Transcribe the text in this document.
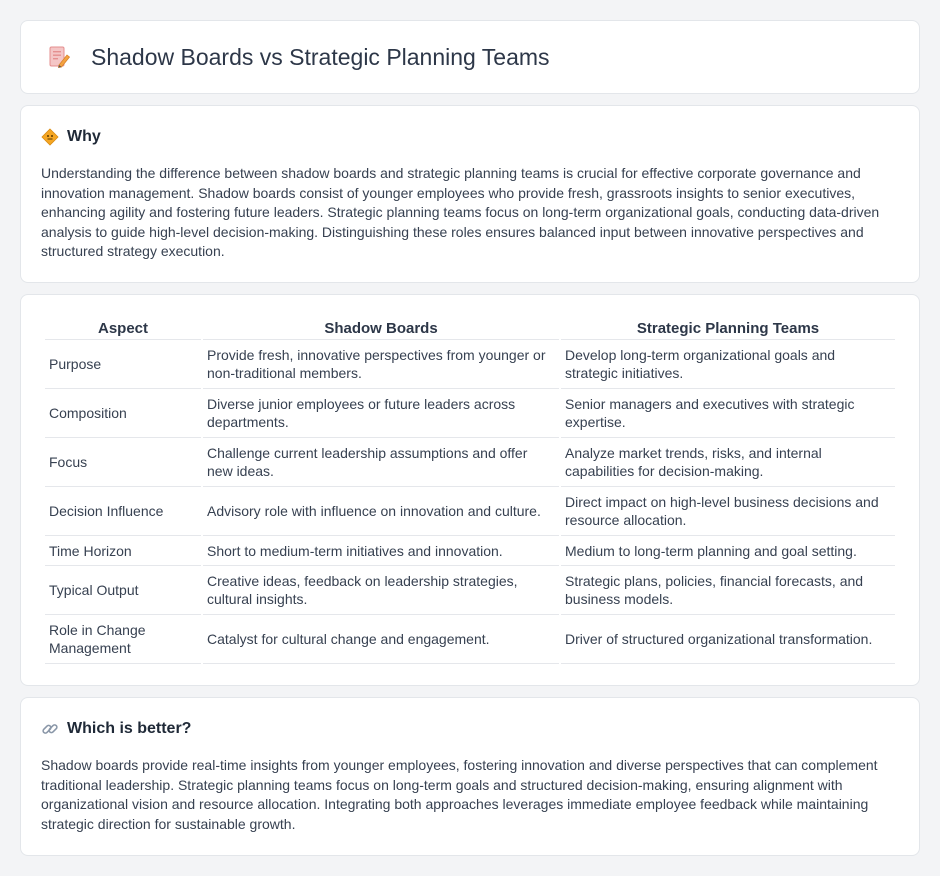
Shadow Boards vs Strategic Planning Teams
Why

Understanding the difference between shadow boards and strategic planning teams is crucial for effective corporate governance and innovation management. Shadow boards consist of younger employees who provide fresh, grassroots insights to senior executives, enhancing agility and fostering future leaders. Strategic planning teams focus on long-term organizational goals, conducting data-driven analysis to guide high-level decision-making. Distinguishing these roles ensures balanced input between innovative perspectives and structured strategy execution.

Aspect	Shadow Boards	Strategic Planning Teams
Purpose	Provide fresh, innovative perspectives from younger or non-traditional members.	Develop long-term organizational goals and strategic initiatives.
Composition	Diverse junior employees or future leaders across departments.	Senior managers and executives with strategic expertise.
Focus	Challenge current leadership assumptions and offer new ideas.	Analyze market trends, risks, and internal capabilities for decision-making.
Decision Influence	Advisory role with influence on innovation and culture.	Direct impact on high-level business decisions and resource allocation.
Time Horizon	Short to medium-term initiatives and innovation.	Medium to long-term planning and goal setting.
Typical Output	Creative ideas, feedback on leadership strategies, cultural insights.	Strategic plans, policies, financial forecasts, and business models.
Role in Change Management	Catalyst for cultural change and engagement.	Driver of structured organizational transformation.
Which is better?

Shadow boards provide real-time insights from younger employees, fostering innovation and diverse perspectives that can complement traditional leadership. Strategic planning teams focus on long-term goals and structured decision-making, ensuring alignment with organizational vision and resource allocation. Integrating both approaches leverages immediate employee feedback while maintaining strategic direction for sustainable growth.
